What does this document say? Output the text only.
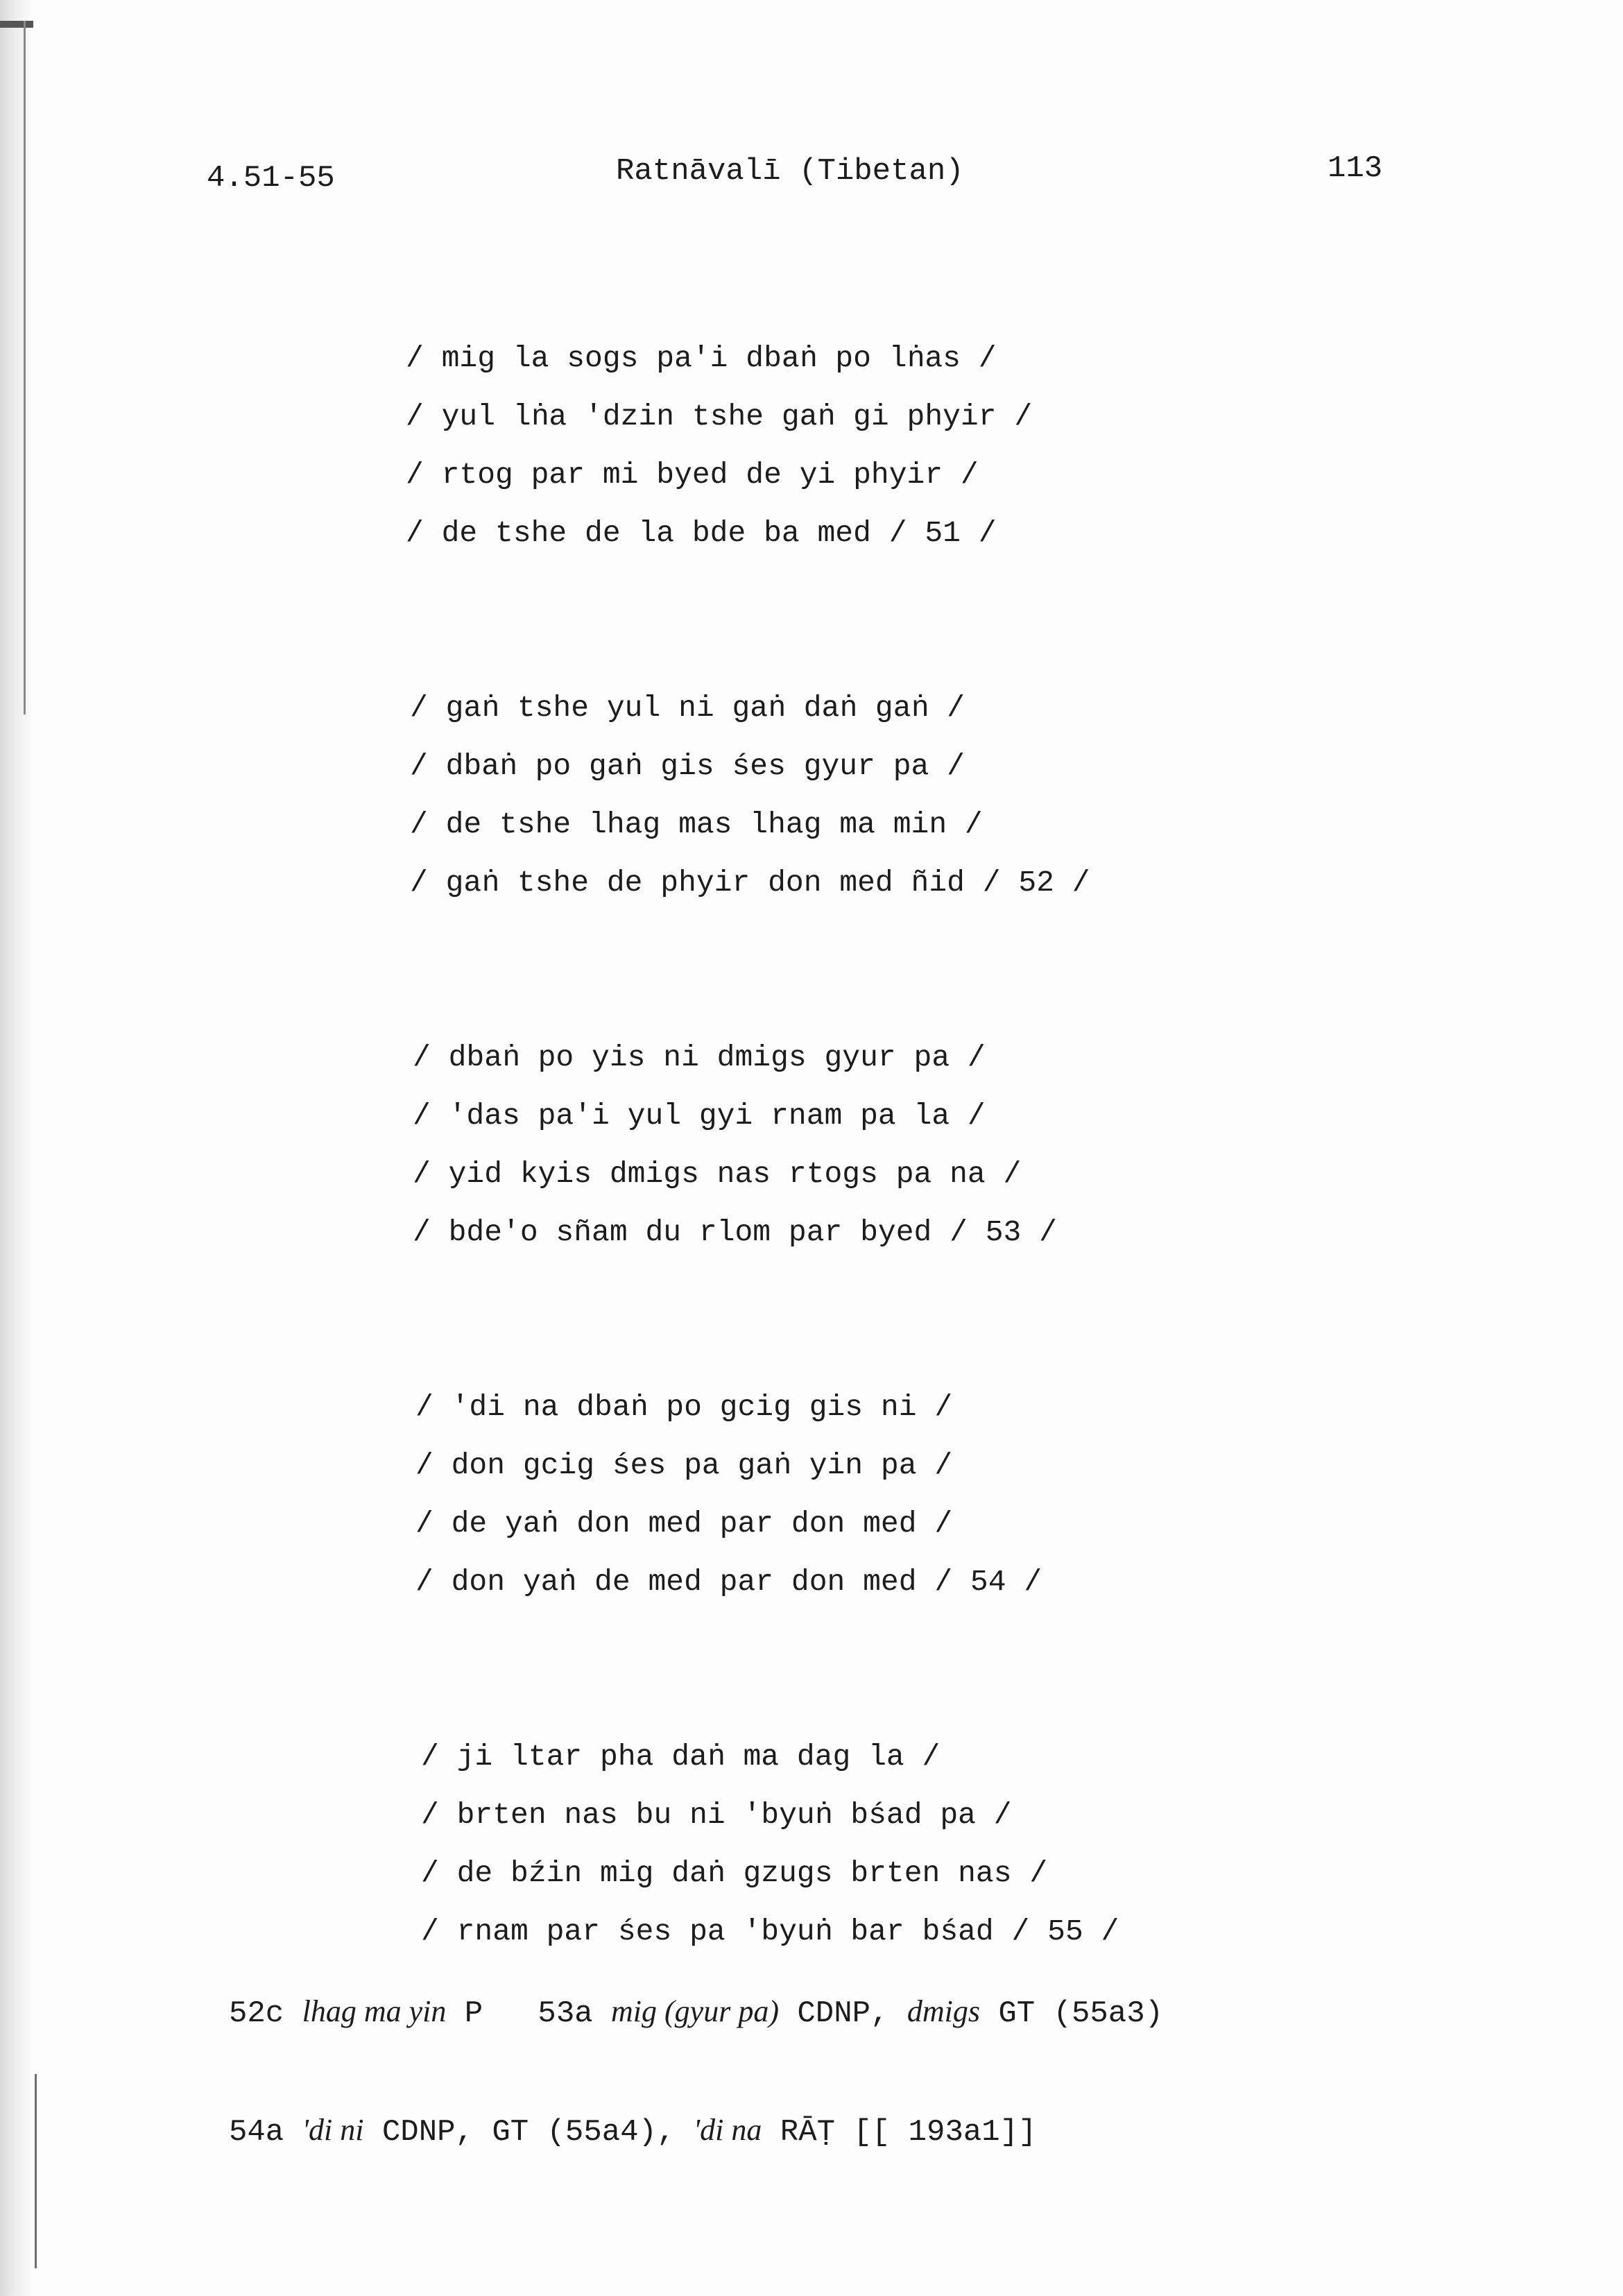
4.51-55	Ratnāvalī (Tibetan)	113
/ mig la sogs pa'i dbaṅ po lṅas /
/ yul lṅa 'dzin tshe gaṅ gi phyir /
/ rtog par mi byed de yi phyir /
/ de tshe de la bde ba med / 51 /
/ gaṅ tshe yul ni gaṅ daṅ gaṅ /
/ dbaṅ po gaṅ gis śes gyur pa /
/ de tshe lhag mas lhag ma min /
/ gaṅ tshe de phyir don med ñid / 52 /
/ dbaṅ po yis ni dmigs gyur pa /
/ 'das pa'i yul gyi rnam pa la /
/ yid kyis dmigs nas rtogs pa na /
/ bde'o sñam du rlom par byed / 53 /
/ 'di na dbaṅ po gcig gis ni /
/ don gcig śes pa gaṅ yin pa /
/ de yaṅ don med par don med /
/ don yaṅ de med par don med / 54 /
/ ji ltar pha daṅ ma dag la /
/ brten nas bu ni 'byuṅ bśad pa /
/ de bźin mig daṅ gzugs brten nas /
/ rnam par śes pa 'byuṅ bar bśad / 55 /

52c lhag ma yin P   53a mig (gyur pa) CDNP, dmigs GT (55a3)

54a 'di ni CDNP, GT (55a4), 'di na RĀṬ [[ 193a1]]
